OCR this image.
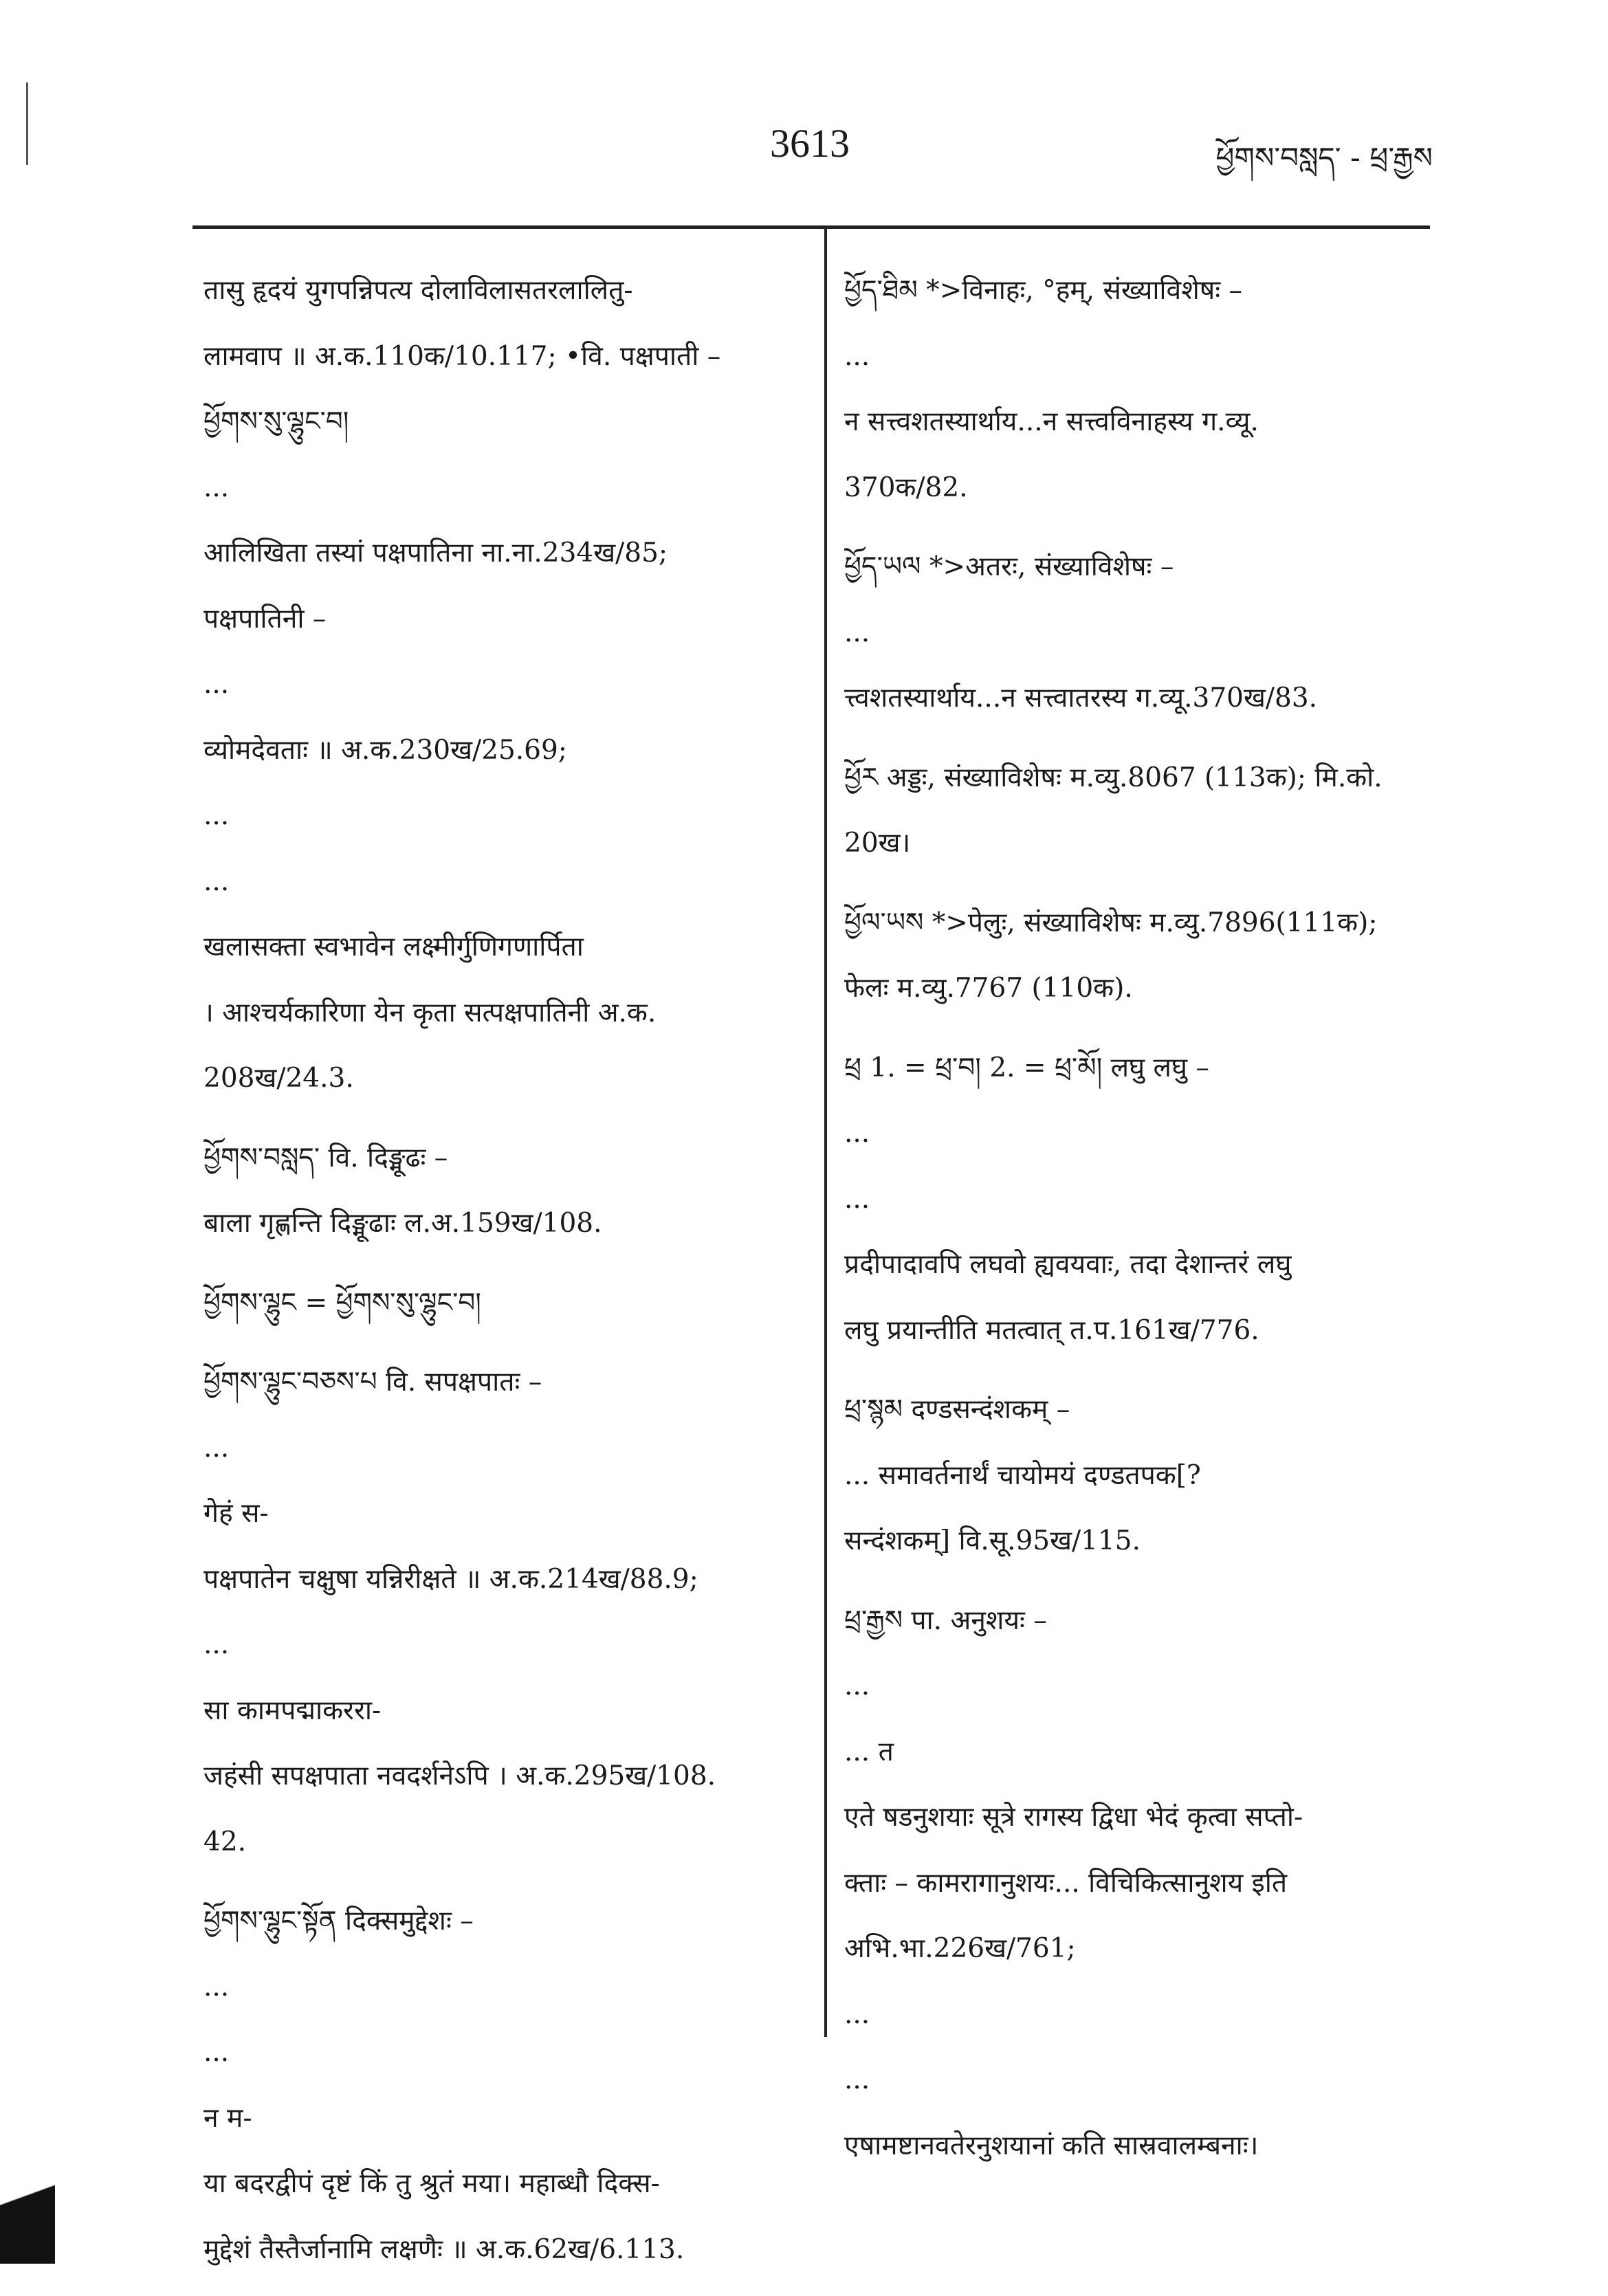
3613	ཕྱོགས་བསླད་ - ཕྲ་རྒྱས
तासु हृदयं युगपन्निपत्य दोलाविलासतरलालितु-
लामवाप ॥ अ.क.110क/10.117; •वि. पक्षपाती –
ཕྱོགས་སུ་ལྷུང་བ།
...
आलिखिता तस्यां पक्षपातिना ना.ना.234ख/85;
पक्षपातिनी –
...
व्योमदेवताः ॥ अ.क.230ख/25.69;
...
...
खलासक्ता स्वभावेन लक्ष्मीर्गुणिगणार्पिता
। आश्चर्यकारिणा येन कृता सत्पक्षपातिनी अ.क.
208ख/24.3.
ཕྱོགས་བསླད་ वि. दिङ्मूढः –
बाला गृह्णन्ति दिङ्मूढाः ल.अ.159ख/108.
ཕྱོགས་ལྷུང = ཕྱོགས་སུ་ལྷུང་བ།
ཕྱོགས་ལྷུང་བཅས་པ वि. सपक्षपातः –
...
गेहं स-
पक्षपातेन चक्षुषा यन्निरीक्षते ॥ अ.क.214ख/88.9;
...
सा कामपद्माकररा-
जहंसी सपक्षपाता नवदर्शनेऽपि । अ.क.295ख/108.
42.
ཕྱོགས་ལྷུང་སྟོན दिक्समुद्देशः –
...
...
न म-
या बदरद्वीपं दृष्टं किं तु श्रुतं मया। महाब्धौ दिक्स-
मुद्देशं तैस्तैर्जानामि लक्षणैः ॥ अ.क.62ख/6.113.
ཕྱོད་ཐིམ *>विनाहः, °हम्, संख्याविशेषः –
...
न सत्त्वशतस्यार्थाय...न सत्त्वविनाहस्य ग.व्यू.
370क/82.
ཕྱོད་ཡལ *>अतरः, संख्याविशेषः –
...
त्त्वशतस्यार्थाय...न सत्त्वातरस्य ग.व्यू.370ख/83.
ཕྱོར अड्डः, संख्याविशेषः म.व्यु.8067 (113क); मि.को.
20ख।
ཕྱོལ་ཡས *>पेलुः, संख्याविशेषः म.व्यु.7896(111क);
फेलः म.व्यु.7767 (110क).
ཕྲ 1. = ཕྲ་བ། 2. = ཕྲ་མོ། लघु लघु –
...
...
प्रदीपादावपि लघवो ह्यवयवाः, तदा देशान्तरं लघु
लघु प्रयान्तीति मतत्वात् त.प.161ख/776.
ཕྲ་སྙམ दण्डसन्दंशकम् –
... समावर्तनार्थं चायोमयं दण्डतपक[?
सन्दंशकम्] वि.सू.95ख/115.
ཕྲ་རྒྱས पा. अनुशयः –
...
... त
एते षडनुशयाः सूत्रे रागस्य द्विधा भेदं कृत्वा सप्तो-
क्ताः – कामरागानुशयः... विचिकित्सानुशय इति
अभि.भा.226ख/761;
...
...
एषामष्टानवतेरनुशयानां कति सास्रवालम्बनाः।
